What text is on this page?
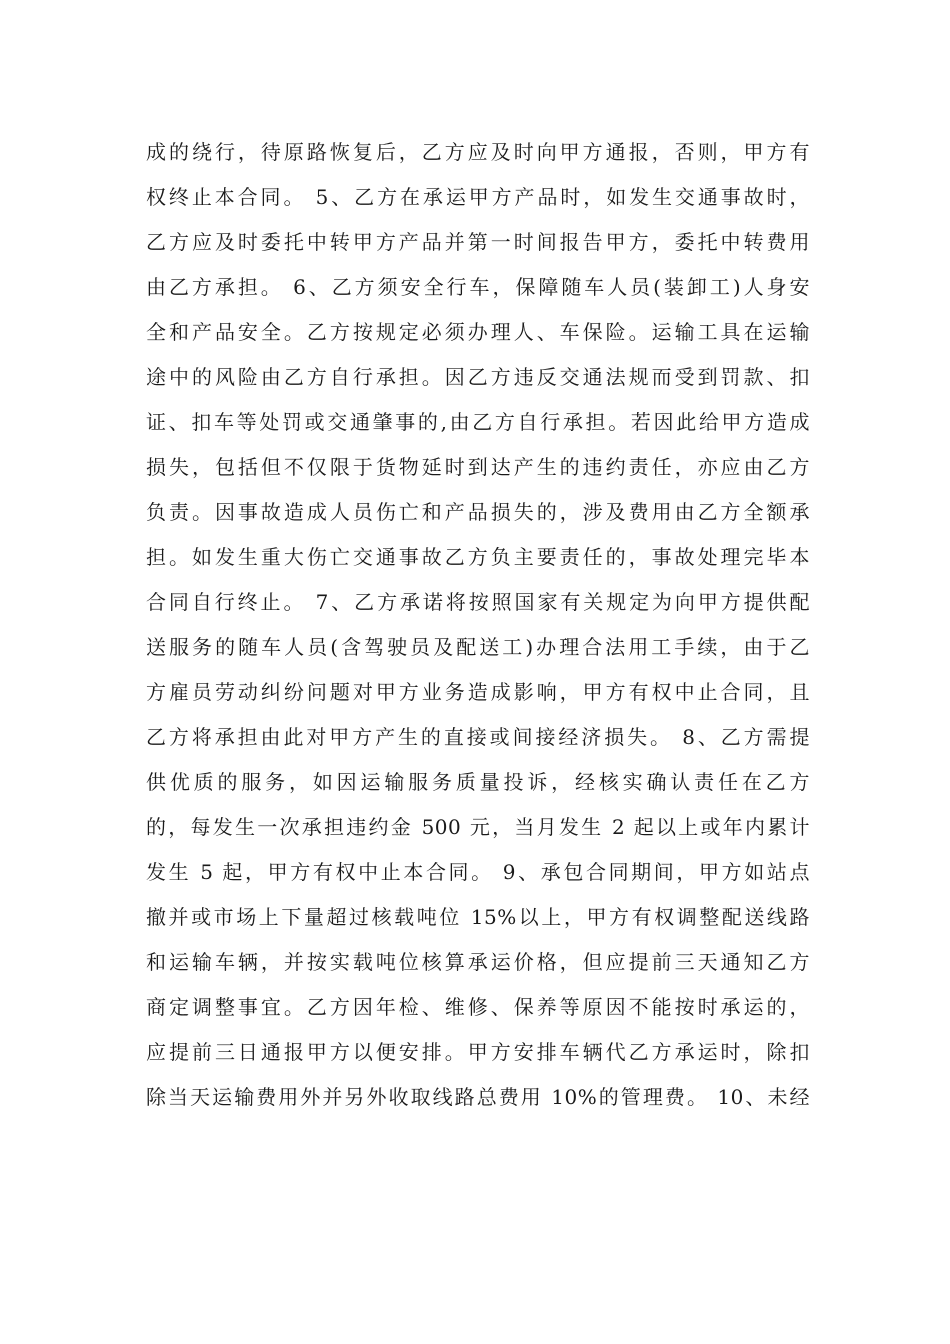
成的绕行，待原路恢复后，乙方应及时向甲方通报，否则，甲方有
权终止本合同。 5、乙方在承运甲方产品时，如发生交通事故时，
乙方应及时委托中转甲方产品并第一时间报告甲方，委托中转费用
由乙方承担。 6、乙方须安全行车，保障随车人员(装卸工)人身安
全和产品安全。乙方按规定必须办理人、车保险。运输工具在运输
途中的风险由乙方自行承担。因乙方违反交通法规而受到罚款、扣
证、扣车等处罚或交通肇事的,由乙方自行承担。若因此给甲方造成
损失，包括但不仅限于货物延时到达产生的违约责任，亦应由乙方
负责。因事故造成人员伤亡和产品损失的，涉及费用由乙方全额承
担。如发生重大伤亡交通事故乙方负主要责任的，事故处理完毕本
合同自行终止。 7、乙方承诺将按照国家有关规定为向甲方提供配
送服务的随车人员(含驾驶员及配送工)办理合法用工手续，由于乙
方雇员劳动纠纷问题对甲方业务造成影响，甲方有权中止合同，且
乙方将承担由此对甲方产生的直接或间接经济损失。 8、乙方需提
供优质的服务，如因运输服务质量投诉，经核实确认责任在乙方
的，每发生一次承担违约金 500 元，当月发生 2 起以上或年内累计
发生 5 起，甲方有权中止本合同。 9、承包合同期间，甲方如站点
撤并或市场上下量超过核载吨位 15%以上，甲方有权调整配送线路
和运输车辆，并按实载吨位核算承运价格，但应提前三天通知乙方
商定调整事宜。乙方因年检、维修、保养等原因不能按时承运的，
应提前三日通报甲方以便安排。甲方安排车辆代乙方承运时，除扣
除当天运输费用外并另外收取线路总费用 10%的管理费。 10、未经
